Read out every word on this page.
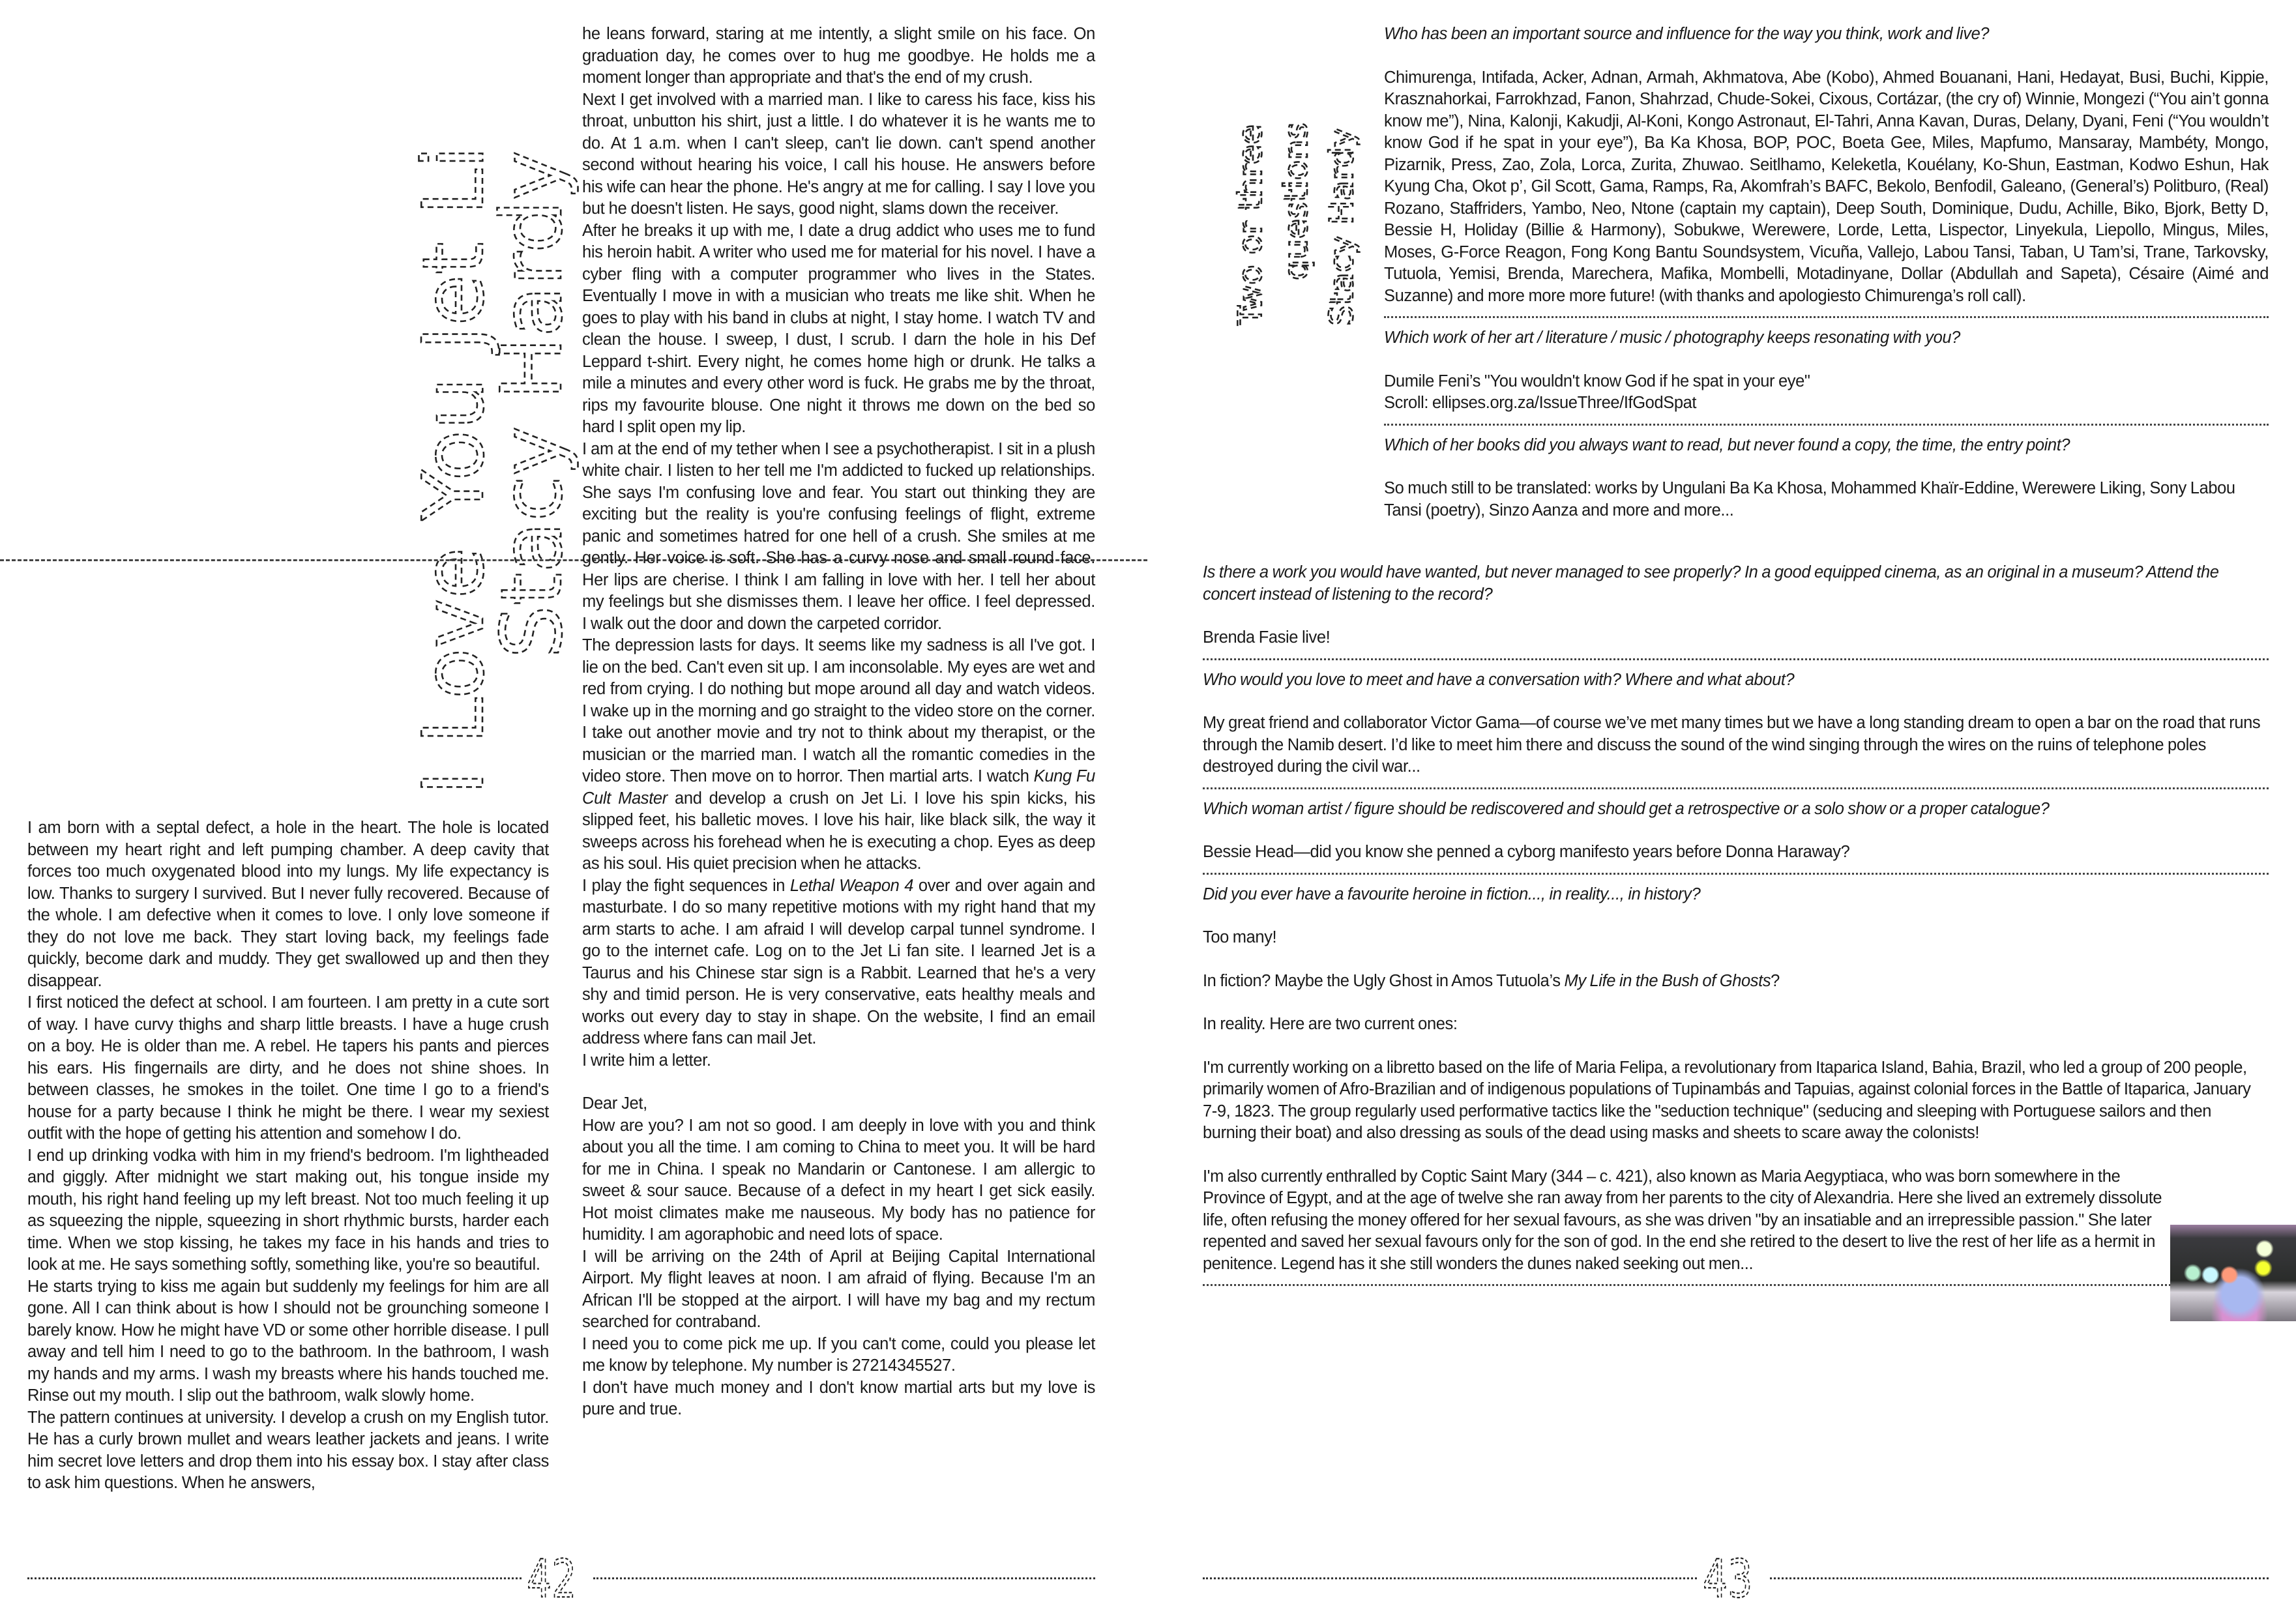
I am born with a septal defect, a hole in the heart. The hole is located between my heart right and left pumping chamber. A deep cavity that forces too much oxygenated blood into my lungs. My life expectancy is low. Thanks to surgery I survived. But I never fully recovered. Because of the whole. I am defective when it comes to love. I only love someone if they do not love me back. They start loving back, my feelings fade quickly, become dark and muddy. They get swallowed up and then they disappear.

I first noticed the defect at school. I am fourteen. I am pretty in a cute sort of way. I have curvy thighs and sharp little breasts. I have a huge crush on a boy. He is older than me. A rebel. He tapers his pants and pierces his ears. His fingernails are dirty, and he does not shine shoes. In between classes, he smokes in the toilet. One time I go to a friend's house for a party because I think he might be there. I wear my sexiest outfit with the hope of getting his attention and somehow I do.

I end up drinking vodka with him in my friend's bedroom. I'm lightheaded and giggly. After midnight we start making out, his tongue inside my mouth, his right hand feeling up my left breast. Not too much feeling it up as squeezing the nipple, squeezing in short rhythmic bursts, harder each time. When we stop kissing, he takes my face in his hands and tries to look at me. He says something softly, something like, you're so beautiful.

He starts trying to kiss me again but suddenly my feelings for him are all gone. All I can think about is how I should not be grounching someone I barely know. How he might have VD or some other horrible disease. I pull away and tell him I need to go to the bathroom. In the bathroom, I wash my hands and my arms. I wash my breasts where his hands touched me. Rinse out my mouth. I slip out the bathroom, walk slowly home.

The pattern continues at university. I develop a crush on my English tutor. He has a curly brown mullet and wears leather jackets and jeans. I write him secret love letters and drop them into his essay box. I stay after class to ask him questions. When he answers,

he leans forward, staring at me intently, a slight smile on his face. On graduation day, he comes over to hug me goodbye. He holds me a moment longer than appropriate and that's the end of my crush.

Next I get involved with a married man. I like to caress his face, kiss his throat, unbutton his shirt, just a little. I do whatever it is he wants me to do. At 1 a.m. when I can't sleep, can't lie down. can't spend another second without hearing his voice, I call his house. He answers before his wife can hear the phone. He's angry at me for calling. I say I love you but he doesn't listen. He says, good night, slams down the receiver.

After he breaks it up with me, I date a drug addict who uses me to fund his heroin habit. A writer who used me for material for his novel. I have a cyber fling with a computer programmer who lives in the States. Eventually I move in with a musician who treats me like shit. When he goes to play with his band in clubs at night, I stay home. I watch TV and clean the house. I sweep, I dust, I scrub. I darn the hole in his Def Leppard t-shirt. Every night, he comes home high or drunk. He talks a mile a minutes and every other word is fuck. He grabs me by the throat, rips my favourite blouse. One night it throws me down on the bed so hard I split open my lip.

I am at the end of my tether when I see a psychotherapist. I sit in a plush white chair. I listen to her tell me I'm addicted to fucked up relationships. She says I'm confusing love and fear. You start out thinking they are exciting but the reality is you're confusing feelings of flight, extreme panic and sometimes hatred for one hell of a crush. She smiles at me gently. Her voice is soft. She has a curvy nose and small round face. Her lips are cherise. I think I am falling in love with her. I tell her about my feelings but she dismisses them. I leave her office. I feel depressed. I walk out the door and down the carpeted corridor.

The depression lasts for days. It seems like my sadness is all I've got. I lie on the bed. Can't even sit up. I am inconsolable. My eyes are wet and red from crying. I do nothing but mope around all day and watch videos. I wake up in the morning and go straight to the video store on the corner. I take out another movie and try not to think about my therapist, or the musician or the married man. I watch all the romantic comedies in the video store. Then move on to horror. Then martial arts. I watch Kung Fu Cult Master and develop a crush on Jet Li. I love his spin kicks, his slipped feet, his balletic moves. I love his hair, like black silk, the way it sweeps across his forehead when he is executing a chop. Eyes as deep as his soul. His quiet precision when he attacks.

I play the fight sequences in Lethal Weapon 4 over and over again and masturbate. I do so many repetitive motions with my right hand that my arm starts to ache. I am afraid I will develop carpal tunnel syndrome. I go to the internet cafe. Log on to the Jet Li fan site. I learned Jet is a Taurus and his Chinese star sign is a Rabbit. Learned that he's a very shy and timid person. He is very conservative, eats healthy meals and works out every day to stay in shape. On the website, I find an email address where fans can mail Jet.

I write him a letter.

Dear Jet,

How are you? I am not so good. I am deeply in love with you and think about you all the time. I am coming to China to meet you. It will be hard for me in China. I speak no Mandarin or Cantonese. I am allergic to sweet & sour sauce. Because of a defect in my heart I get sick easily. Hot moist climates make me nauseous. My body has no patience for humidity. I am agoraphobic and need lots of space.

I will be arriving on the 24th of April at Beijing Capital International Airport. My flight leaves at noon. I am afraid of flying. Because I'm an African I'll be stopped at the airport. I will have my bag and my rectum searched for contraband.

I need you to come pick me up. If you can't come, could you please let me know by telephone. My number is 27214345527.

I don't have much money and I don't know martial arts but my love is pure and true.

42

Who has been an important source and influence for the way you think, work and live?

Chimurenga, Intifada, Acker, Adnan, Armah, Akhmatova, Abe (Kobo), Ahmed Bouanani, Hani, Hedayat, Busi, Buchi, Kippie, Krasznahorkai, Farrokhzad, Fanon, Shahrzad, Chude-Sokei, Cixous, Cortázar, (the cry of) Winnie, Mongezi (“You ain’t gonna know me”), Nina, Kalonji, Kakudji, Al-Koni, Kongo Astronaut, El-Tahri, Anna Kavan, Duras, Delany, Dyani, Feni (“You wouldn’t know God if he spat in your eye”), Ba Ka Khosa, BOP, POC, Boeta Gee, Miles, Mapfumo, Mansaray, Mambéty, Mongo, Pizarnik, Press, Zao, Zola, Lorca, Zurita, Zhuwao. Seitlhamo, Keleketla, Kouélany, Ko-Shun, Eastman, Kodwo Eshun, Hak Kyung Cha, Okot p’, Gil Scott, Gama, Ramps, Ra, Akomfrah’s BAFC, Bekolo, Benfodil, Galeano, (General’s) Politburo, (Real) Rozano, Staffriders, Yambo, Neo, Ntone (captain my captain), Deep South, Dominique, Dudu, Achille, Biko, Bjork, Betty D, Bessie H, Holiday (Billie & Harmony), Sobukwe, Werewere, Lorde, Letta, Lispector, Linyekula, Liepollo, Mingus, Miles, Moses, G-Force Reagon, Fong Kong Bantu Soundsystem, Vicuña, Vallejo, Labou Tansi, Taban, U Tam’si, Trane, Tarkovsky, Tutuola, Yemisi, Brenda, Marechera, Mafika, Mombelli, Motadinyane, Dollar (Abdullah and Sapeta), Césaire (Aimé and Suzanne) and more more more future! (with thanks and apologiesto Chimurenga’s roll call).

Which work of her art / literature / music / photography keeps resonating with you?

Dumile Feni’s "You wouldn't know God if he spat in your eye"

Scroll: ellipses.org.za/IssueThree/IfGodSpat

Which of her books did you always want to read, but never found a copy, the time, the entry point?

So much still to be translated: works by Ungulani Ba Ka Khosa, Mohammed Khaïr-Eddine, Werewere Liking, Sony Labou Tansi (poetry), Sinzo Aanza and more and more...

Is there a work you would have wanted, but never managed to see properly? In a good equipped cinema, as an original in a museum? Attend the concert instead of listening to the record?

Brenda Fasie live!

Who would you love to meet and have a conversation with? Where and what about?

My great friend and collaborator Victor Gama—of course we’ve met many times but we have a long standing dream to open a bar on the road that runs through the Namib desert. I’d like to meet him there and discuss the sound of the wind singing through the wires on the ruins of telephone poles destroyed during the civil war...

Which woman artist / figure should be rediscovered and should get a retrospective or a solo show or a proper catalogue?

Bessie Head—did you know she penned a cyborg manifesto years before Donna Haraway?

Did you ever have a favourite heroine in fiction..., in reality..., in history?

Too many!

In fiction? Maybe the Ugly Ghost in Amos Tutuola’s My Life in the Bush of Ghosts?

In reality. Here are two current ones:

I'm currently working on a libretto based on the life of Maria Felipa, a revolutionary from Itaparica Island, Bahia, Brazil, who led a group of 200 people, primarily women of Afro-Brazilian and of indigenous populations of Tupinambás and Tapuias, against colonial forces in the Battle of Itaparica, January 7-9, 1823. The group regularly used performative tactics like the "seduction technique" (seducing and sleeping with Portuguese sailors and then burning their boat) and also dressing as souls of the dead using masks and sheets to scare away the colonists!

I'm also currently enthralled by Coptic Saint Mary (344 – c. 421), also known as Maria Aegyptiaca, who was born somewhere in the Province of Egypt, and at the age of twelve she ran away from her parents to the city of Alexandria. Here she lived an extremely dissolute life, often refusing the money offered for her sexual favours, as she was driven "by an insatiable and an irrepressible passion." She later repented and saved her sexual favours only for the son of god. In the end she retired to the desert to live the rest of her life as a hermit in penitence. Legend has it she still wonders the dunes naked seeking out men...

43
